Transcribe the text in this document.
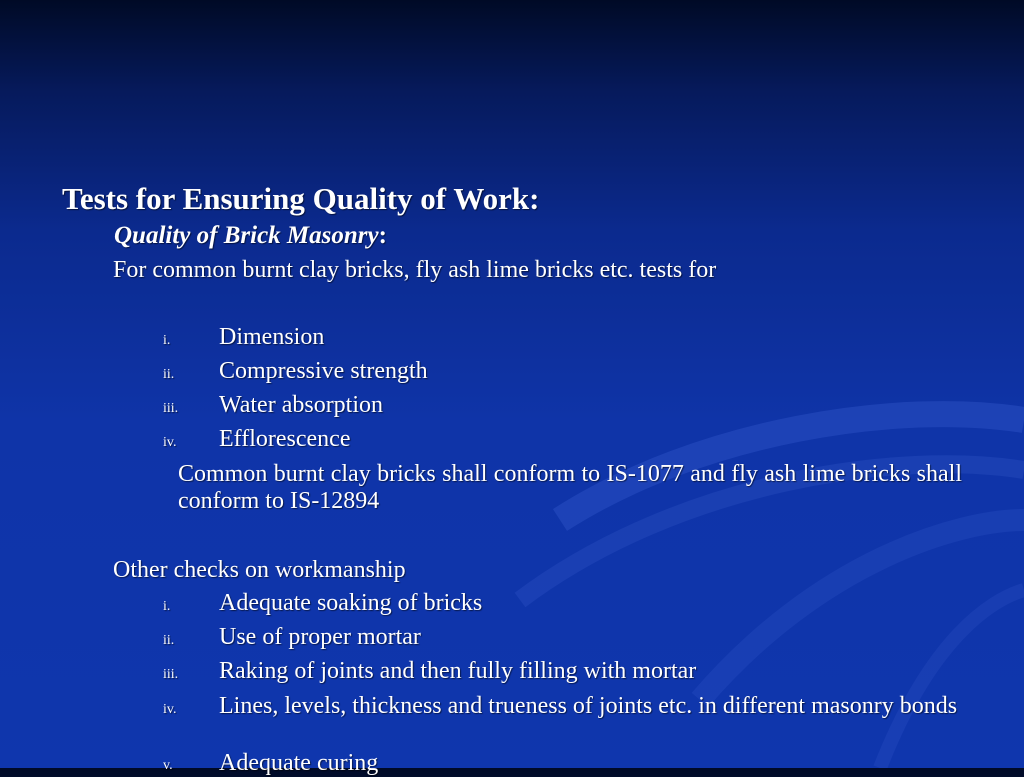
Tests for Ensuring Quality of Work:
Quality of Brick Masonry:
For common burnt clay bricks, fly ash lime bricks etc. tests for
i. Dimension
ii. Compressive strength
iii. Water absorption
iv. Efflorescence
Common burnt clay bricks shall conform to IS-1077 and fly ash lime bricks shall conform to IS-12894
Other checks on workmanship
i. Adequate soaking of bricks
ii. Use of proper mortar
iii. Raking of joints and then fully filling with mortar
iv. Lines, levels, thickness and trueness of joints etc. in different masonry bonds
v. Adequate curing
